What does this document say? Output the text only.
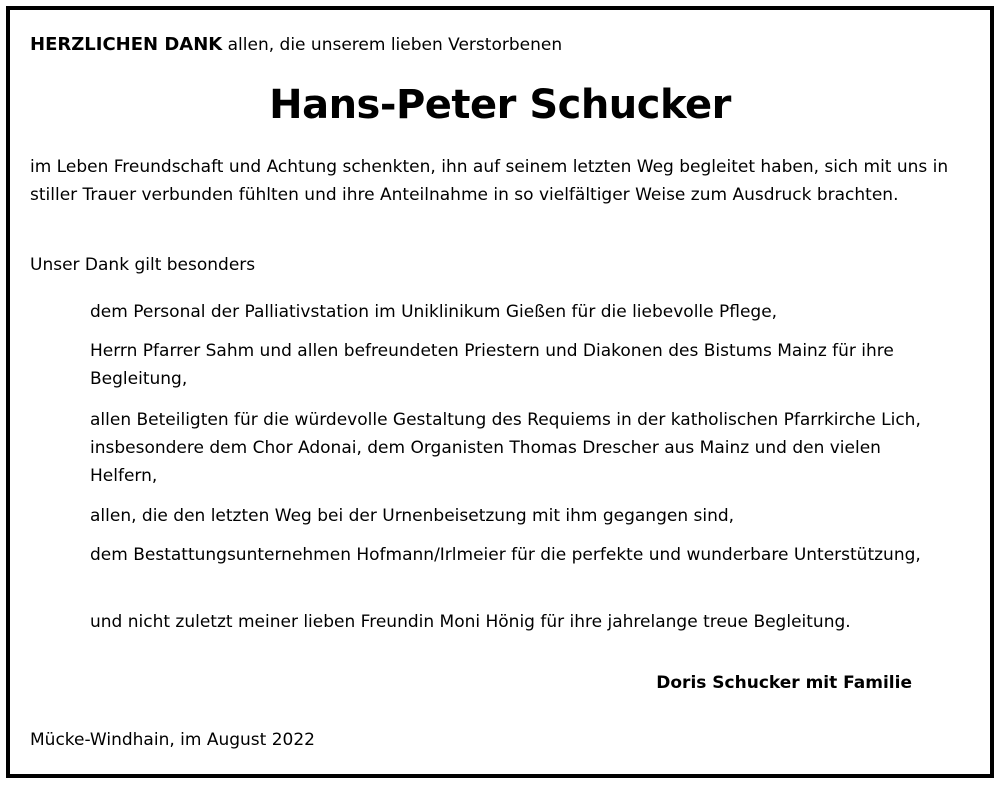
HERZLICHEN DANK allen, die unserem lieben Verstorbenen
Hans-Peter Schucker
im Leben Freundschaft und Achtung schenkten, ihn auf seinem letzten Weg begleitet haben, sich mit uns in stiller Trauer verbunden fühlten und ihre Anteilnahme in so vielfältiger Weise zum Ausdruck brachten.
Unser Dank gilt besonders
dem Personal der Palliativstation im Uniklinikum Gießen für die liebevolle Pflege,
Herrn Pfarrer Sahm und allen befreundeten Priestern und Diakonen des Bistums Mainz für ihre Begleitung,
allen Beteiligten für die würdevolle Gestaltung des Requiems in der katholischen Pfarrkirche Lich, insbesondere dem Chor Adonai, dem Organisten Thomas Drescher aus Mainz und den vielen Helfern,
allen, die den letzten Weg bei der Urnenbeisetzung mit ihm gegangen sind,
dem Bestattungsunternehmen Hofmann/Irlmeier für die perfekte und wunderbare Unterstützung,
und nicht zuletzt meiner lieben Freundin Moni Hönig für ihre jahrelange treue Begleitung.
Doris Schucker mit Familie
Mücke-Windhain, im August 2022
